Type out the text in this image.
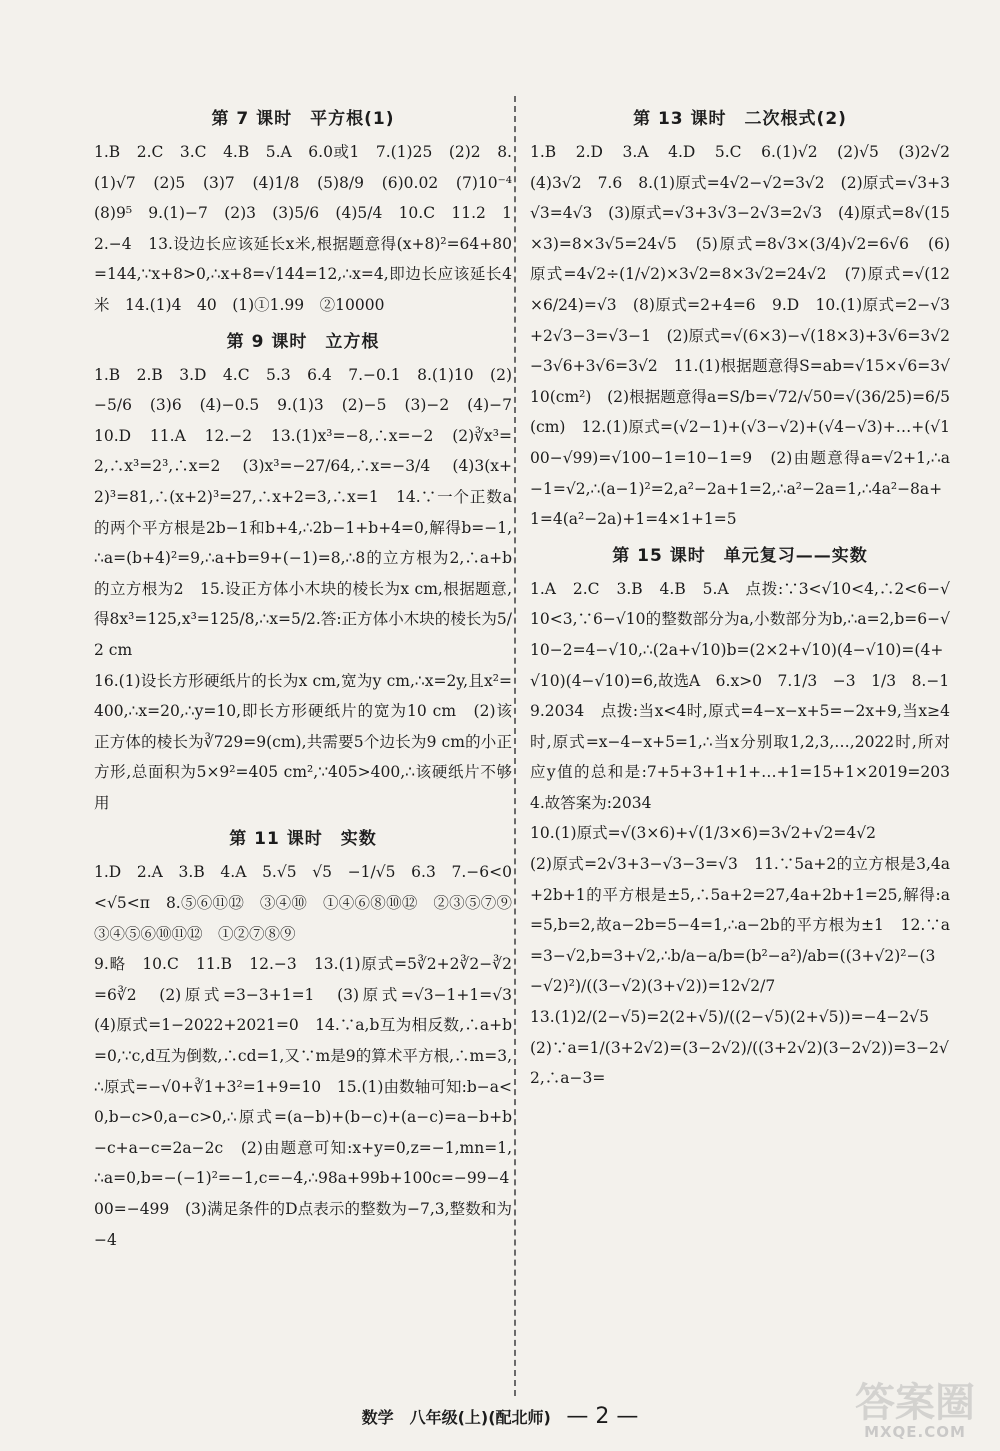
第 7 课时　平方根(1)

1.B　2.C　3.C　4.B　5.A　6.0或1　7.(1)25　(2)2　8.(1)√7　(2)5　(3)7　(4)1/8　(5)8/9　(6)0.02　(7)10⁻⁴　(8)9⁵　9.(1)−7　(2)3　(3)5/6　(4)5/4　10.C　11.2　12.−4　13.设边长应该延长x米,根据题意得(x+8)²=64+80=144,∵x+8>0,∴x+8=√144=12,∴x=4,即边长应该延长4米　14.(1)4　40　(1)①1.99　②10000

第 9 课时　立方根

1.B　2.B　3.D　4.C　5.3　6.4　7.−0.1　8.(1)10　(2)−5/6　(3)6　(4)−0.5　9.(1)3　(2)−5　(3)−2　(4)−7　10.D　11.A　12.−2　13.(1)x³=−8,∴x=−2　(2)∛x³=2,∴x³=2³,∴x=2　(3)x³=−27/64,∴x=−3/4　(4)3(x+2)³=81,∴(x+2)³=27,∴x+2=3,∴x=1　14.∵一个正数a的两个平方根是2b−1和b+4,∴2b−1+b+4=0,解得b=−1,∴a=(b+4)²=9,∴a+b=9+(−1)=8,∴8的立方根为2,∴a+b的立方根为2　15.设正方体小木块的棱长为x cm,根据题意,得8x³=125,x³=125/8,∴x=5/2.答:正方体小木块的棱长为5/2 cm

16.(1)设长方形硬纸片的长为x cm,宽为y cm,∴x=2y,且x²=400,∴x=20,∴y=10,即长方形硬纸片的宽为10 cm　(2)该正方体的棱长为∛729=9(cm),共需要5个边长为9 cm的小正方形,总面积为5×9²=405 cm²,∵405>400,∴该硬纸片不够用

第 11 课时　实数

1.D　2.A　3.B　4.A　5.√5　√5　−1/√5　6.3　7.−6<0<√5<π　8.⑤⑥⑪⑫　③④⑩　①④⑥⑧⑩⑫　②③⑤⑦⑨　③④⑤⑥⑩⑪⑫　①②⑦⑧⑨

9.略　10.C　11.B　12.−3　13.(1)原式=5∛2+2∛2−∛2=6∛2　(2)原式=3−3+1=1　(3)原式=√3−1+1=√3　(4)原式=1−2022+2021=0　14.∵a,b互为相反数,∴a+b=0,∵c,d互为倒数,∴cd=1,又∵m是9的算术平方根,∴m=3,∴原式=−√0+∛1+3²=1+9=10　15.(1)由数轴可知:b−a<0,b−c>0,a−c>0,∴原式=(a−b)+(b−c)+(a−c)=a−b+b−c+a−c=2a−2c　(2)由题意可知:x+y=0,z=−1,mn=1,∴a=0,b=−(−1)²=−1,c=−4,∴98a+99b+100c=−99−400=−499　(3)满足条件的D点表示的整数为−7,3,整数和为−4

第 13 课时　二次根式(2)

1.B　2.D　3.A　4.D　5.C　6.(1)√2　(2)√5　(3)2√2　(4)3√2　7.6　8.(1)原式=4√2−√2=3√2　(2)原式=√3+3√3=4√3　(3)原式=√3+3√3−2√3=2√3　(4)原式=8√(15×3)=8×3√5=24√5　(5)原式=8√3×(3/4)√2=6√6　(6)原式=4√2÷(1/√2)×3√2=8×3√2=24√2　(7)原式=√(12×6/24)=√3　(8)原式=2+4=6　9.D　10.(1)原式=2−√3+2√3−3=√3−1　(2)原式=√(6×3)−√(18×3)+3√6=3√2−3√6+3√6=3√2　11.(1)根据题意得S=ab=√15×√6=3√10(cm²)　(2)根据题意得a=S/b=√72/√50=√(36/25)=6/5(cm)　12.(1)原式=(√2−1)+(√3−√2)+(√4−√3)+…+(√100−√99)=√100−1=10−1=9　(2)由题意得a=√2+1,∴a−1=√2,∴(a−1)²=2,a²−2a+1=2,∴a²−2a=1,∴4a²−8a+1=4(a²−2a)+1=4×1+1=5

第 15 课时　单元复习——实数

1.A　2.C　3.B　4.B　5.A　点拨:∵3<√10<4,∴2<6−√10<3,∵6−√10的整数部分为a,小数部分为b,∴a=2,b=6−√10−2=4−√10,∴(2a+√10)b=(2×2+√10)(4−√10)=(4+√10)(4−√10)=6,故选A　6.x>0　7.1/3　−3　1/3　8.−1

9.2034　点拨:当x<4时,原式=4−x−x+5=−2x+9,当x≥4时,原式=x−4−x+5=1,∴当x分别取1,2,3,…,2022时,所对应y值的总和是:7+5+3+1+1+…+1=15+1×2019=2034.故答案为:2034

10.(1)原式=√(3×6)+√(1/3×6)=3√2+√2=4√2

(2)原式=2√3+3−√3−3=√3　11.∵5a+2的立方根是3,4a+2b+1的平方根是±5,∴5a+2=27,4a+2b+1=25,解得:a=5,b=2,故a−2b=5−4=1,∴a−2b的平方根为±1　12.∵a=3−√2,b=3+√2,∴b/a−a/b=(b²−a²)/ab=((3+√2)²−(3−√2)²)/((3−√2)(3+√2))=12√2/7

13.(1)2/(2−√5)=2(2+√5)/((2−√5)(2+√5))=−4−2√5　(2)∵a=1/(3+2√2)=(3−2√2)/((3+2√2)(3−2√2))=3−2√2,∴a−3=

数学　八年级(上)(配北师) — 2 —	答案圈
MXQE.COM
